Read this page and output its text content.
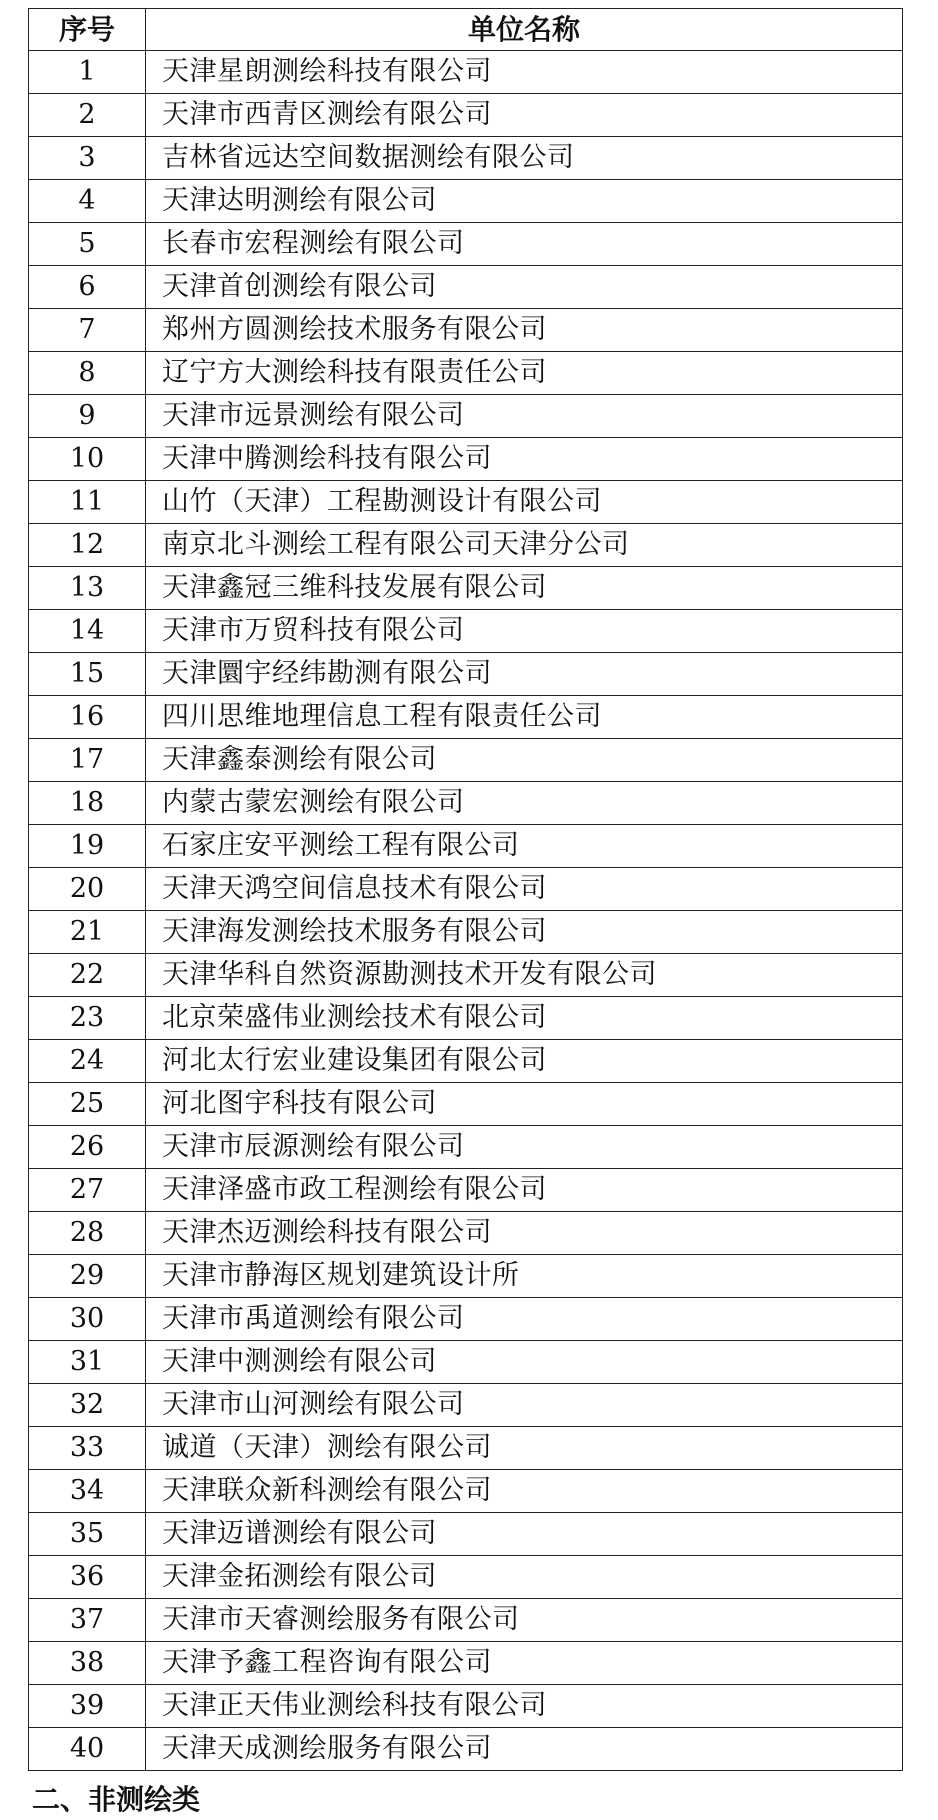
序号	单位名称
1	天津星朗测绘科技有限公司
2	天津市西青区测绘有限公司
3	吉林省远达空间数据测绘有限公司
4	天津达明测绘有限公司
5	长春市宏程测绘有限公司
6	天津首创测绘有限公司
7	郑州方圆测绘技术服务有限公司
8	辽宁方大测绘科技有限责任公司
9	天津市远景测绘有限公司
10	天津中腾测绘科技有限公司
11	山竹（天津）工程勘测设计有限公司
12	南京北斗测绘工程有限公司天津分公司
13	天津鑫冠三维科技发展有限公司
14	天津市万贸科技有限公司
15	天津圜宇经纬勘测有限公司
16	四川思维地理信息工程有限责任公司
17	天津鑫泰测绘有限公司
18	内蒙古蒙宏测绘有限公司
19	石家庄安平测绘工程有限公司
20	天津天鸿空间信息技术有限公司
21	天津海发测绘技术服务有限公司
22	天津华科自然资源勘测技术开发有限公司
23	北京荣盛伟业测绘技术有限公司
24	河北太行宏业建设集团有限公司
25	河北图宇科技有限公司
26	天津市辰源测绘有限公司
27	天津泽盛市政工程测绘有限公司
28	天津杰迈测绘科技有限公司
29	天津市静海区规划建筑设计所
30	天津市禹道测绘有限公司
31	天津中测测绘有限公司
32	天津市山河测绘有限公司
33	诚道（天津）测绘有限公司
34	天津联众新科测绘有限公司
35	天津迈谱测绘有限公司
36	天津金拓测绘有限公司
37	天津市天睿测绘服务有限公司
38	天津予鑫工程咨询有限公司
39	天津正天伟业测绘科技有限公司
40	天津天成测绘服务有限公司
二、非测绘类
